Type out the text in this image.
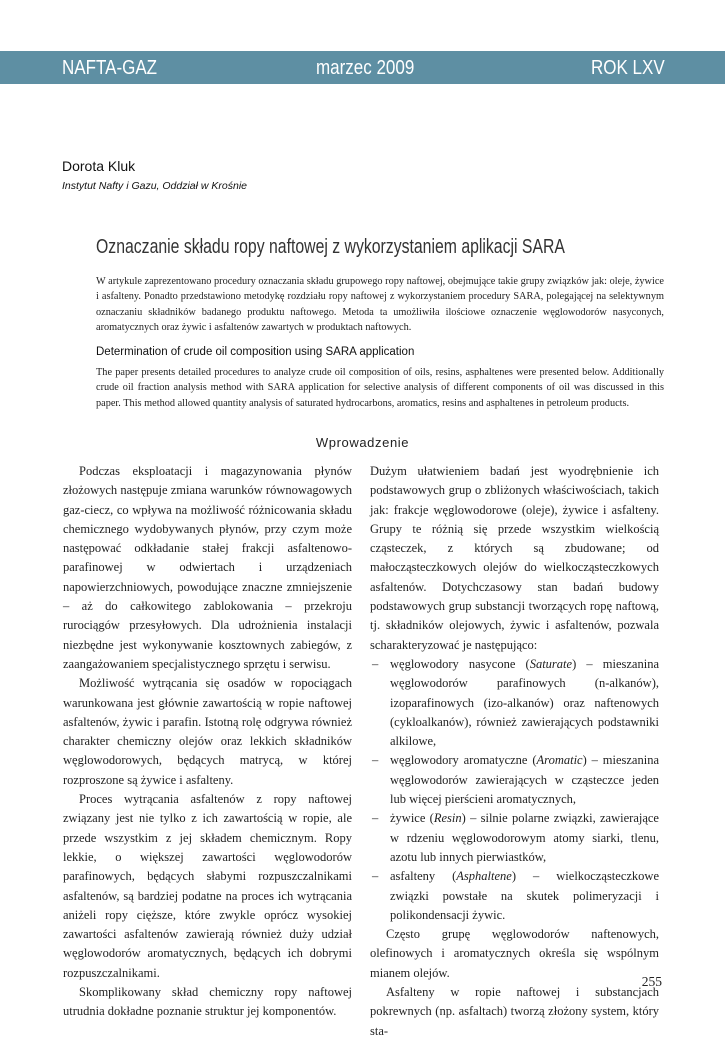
NAFTA-GAZ	marzec 2009	ROK LXV
Dorota Kluk
Instytut Nafty i Gazu, Oddział w Krośnie
Oznaczanie składu ropy naftowej z wykorzystaniem aplikacji SARA
W artykule zaprezentowano procedury oznaczania składu grupowego ropy naftowej, obejmujące takie grupy związków jak: oleje, żywice i asfalteny. Ponadto przedstawiono metodykę rozdziału ropy naftowej z wykorzystaniem procedury SARA, polegającej na selektywnym oznaczaniu składników badanego produktu naftowego. Metoda ta umożliwiła ilościowe oznaczenie węglowodorów nasyconych, aromatycznych oraz żywic i asfaltenów zawartych w produktach naftowych.
Determination of crude oil composition using SARA application
The paper presents detailed procedures to analyze crude oil composition of oils, resins, asphaltenes were presented below. Additionally crude oil fraction analysis method with SARA application for selective analysis of different components of oil was discussed in this paper. This method allowed quantity analysis of saturated hydrocarbons, aromatics, resins and asphaltenes in petroleum products.
Wprowadzenie

Podczas eksploatacji i magazynowania płynów złożowych następuje zmiana warunków równowagowych gaz-ciecz, co wpływa na możliwość różnicowania składu chemicznego wydobywanych płynów, przy czym może następować odkładanie stałej frakcji asfaltenowo-parafinowej w odwiertach i urządzeniach napowierzchniowych, powodujące znaczne zmniejszenie – aż do całkowitego zablokowania – przekroju rurociągów przesyłowych. Dla udrożnienia instalacji niezbędne jest wykonywanie kosztownych zabiegów, z zaangażowaniem specjalistycznego sprzętu i serwisu.

Możliwość wytrącania się osadów w ropociągach warunkowana jest głównie zawartością w ropie naftowej asfaltenów, żywic i parafin. Istotną rolę odgrywa również charakter chemiczny olejów oraz lekkich składników węglowodorowych, będących matrycą, w której rozproszone są żywice i asfalteny.

Proces wytrącania asfaltenów z ropy naftowej związany jest nie tylko z ich zawartością w ropie, ale przede wszystkim z jej składem chemicznym. Ropy lekkie, o większej zawartości węglowodorów parafinowych, będących słabymi rozpuszczalnikami asfaltenów, są bardziej podatne na proces ich wytrącania aniżeli ropy cięższe, które zwykle oprócz wysokiej zawartości asfaltenów zawierają również duży udział węglowodorów aromatycznych, będących ich dobrymi rozpuszczalnikami.

Skomplikowany skład chemiczny ropy naftowej utrudnia dokładne poznanie struktur jej komponentów.

Dużym ułatwieniem badań jest wyodrębnienie ich podstawowych grup o zbliżonych właściwościach, takich jak: frakcje węglowodorowe (oleje), żywice i asfalteny. Grupy te różnią się przede wszystkim wielkością cząsteczek, z których są zbudowane; od małocząsteczkowych olejów do wielkocząsteczkowych asfaltenów. Dotychczasowy stan badań budowy podstawowych grup substancji tworzących ropę naftową, tj. składników olejowych, żywic i asfaltenów, pozwala scharakteryzować je następująco:

– węglowodory nasycone (Saturate) – mieszanina węglowodorów parafinowych (n-alkanów), izoparafinowych (izo-alkanów) oraz naftenowych (cykloalkanów), również zawierających podstawniki alkilowe,
– węglowodory aromatyczne (Aromatic) – mieszanina węglowodorów zawierających w cząsteczce jeden lub więcej pierścieni aromatycznych,
– żywice (Resin) – silnie polarne związki, zawierające w rdzeniu węglowodorowym atomy siarki, tlenu, azotu lub innych pierwiastków,
– asfalteny (Asphaltene) – wielkocząsteczkowe związki powstałe na skutek polimeryzacji i polikondensacji żywic.

Często grupę węglowodorów naftenowych, olefinowych i aromatycznych określa się wspólnym mianem olejów.

Asfalteny w ropie naftowej i substancjach pokrewnych (np. asfaltach) tworzą złożony system, który sta-

255
